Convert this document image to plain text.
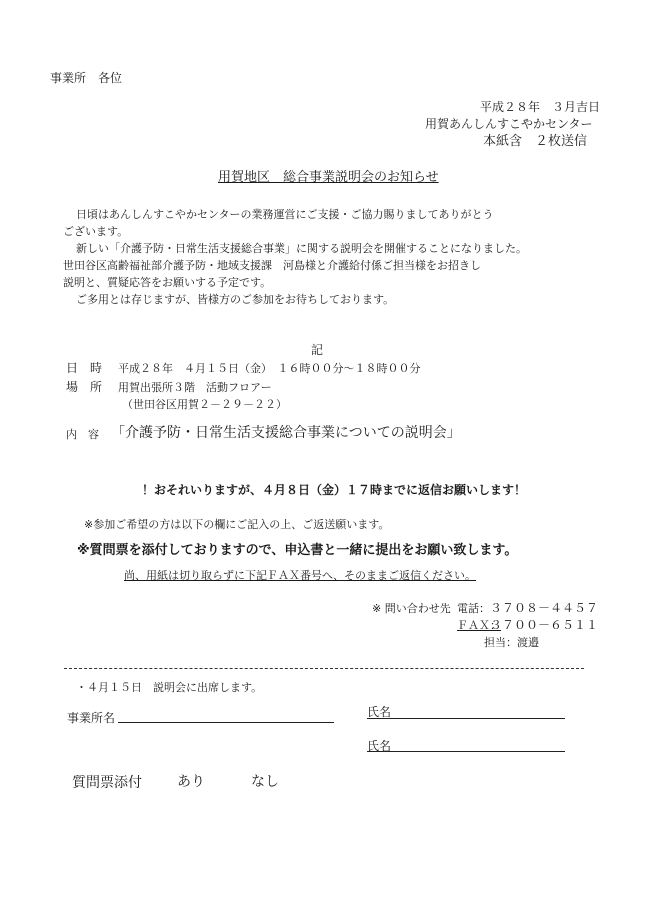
事業所　各位
平成２８年　３月吉日
用賀あんしんすこやかセンター
本紙含　２枚送信
用賀地区　総合事業説明会のお知らせ
日頃はあんしんすこやかセンターの業務運営にご支援・ご協力賜りましてありがとう
ございます。
新しい「介護予防・日常生活支援総合事業」に関する説明会を開催することになりました。
世田谷区高齢福祉部介護予防・地域支援課　河島様と介護給付係ご担当様をお招きし
説明と、質疑応答をお願いする予定です。
ご多用とは存じますが、皆様方のご参加をお待ちしております。
記
日　時 平成２８年　４月１５日（金）　１６時００分～１８時００分
場　所 用賀出張所３階　活動フロアー
（世田谷区用賀２－２９－２２）
内　容 「介護予防・日常生活支援総合事業についての説明会」
！おそれいりますが、４月８日（金）１７時までに返信お願いします！
※参加ご希望の方は以下の欄にご記入の上、ご返送願います。
※質問票を添付しておりますので、申込書と一緒に提出をお願い致します。
尚、用紙は切り取らずに下記ＦＡＸ番号へ、そのままご返信ください。
※ 問い合わせ先 電話： ３７０８－４４５７
ＦＡＸ：
３７００－６５１１
担当：渡邉
・４月１５日　説明会に出席します。
事業所名	氏名
氏名
質問票添付	あり	なし
